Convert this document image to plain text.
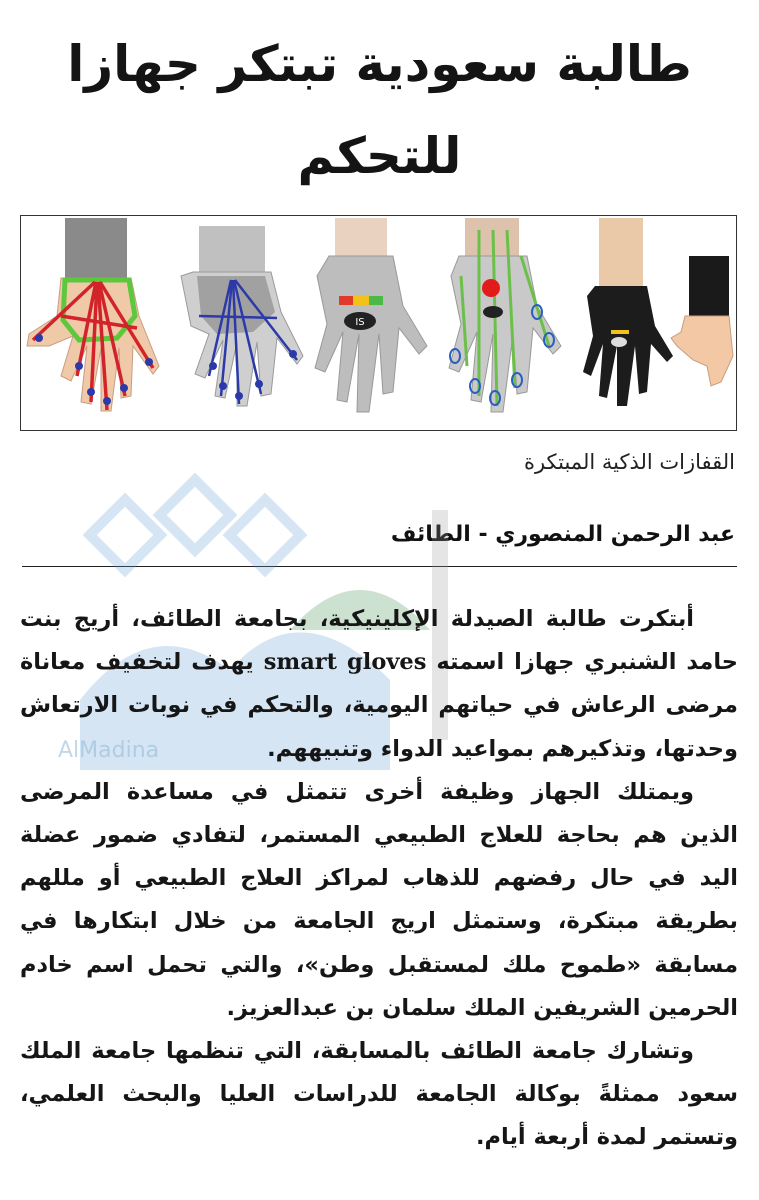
طالبة سعودية تبتكر جهازا للتحكم
IS
القفازات الذكية المبتكرة
عبد الرحمن المنصوري - الطائف
AlMadina

أبتكرت طالبة الصيدلة الإكلينيكية، بجامعة الطائف، أريج بنت حامد الشنبري جهازا اسمته smart gloves يهدف لتخفيف معاناة مرضى الرعاش في حياتهم اليومية، والتحكم في نوبات الارتعاش وحدتها، وتذكيرهم بمواعيد الدواء وتنبيههم.

ويمتلك الجهاز وظيفة أخرى تتمثل في مساعدة المرضى الذين هم بحاجة للعلاج الطبيعي المستمر، لتفادي ضمور عضلة اليد في حال رفضهم للذهاب لمراكز العلاج الطبيعي أو مللهم بطريقة مبتكرة، وستمثل اريج الجامعة من خلال ابتكارها في مسابقة «طموح ملك لمستقبل وطن»، والتي تحمل اسم خادم الحرمين الشريفين الملك سلمان بن عبدالعزيز.

وتشارك جامعة الطائف بالمسابقة، التي تنظمها جامعة الملك سعود ممثلةً بوكالة الجامعة للدراسات العليا والبحث العلمي، وتستمر لمدة أربعة أيام.
